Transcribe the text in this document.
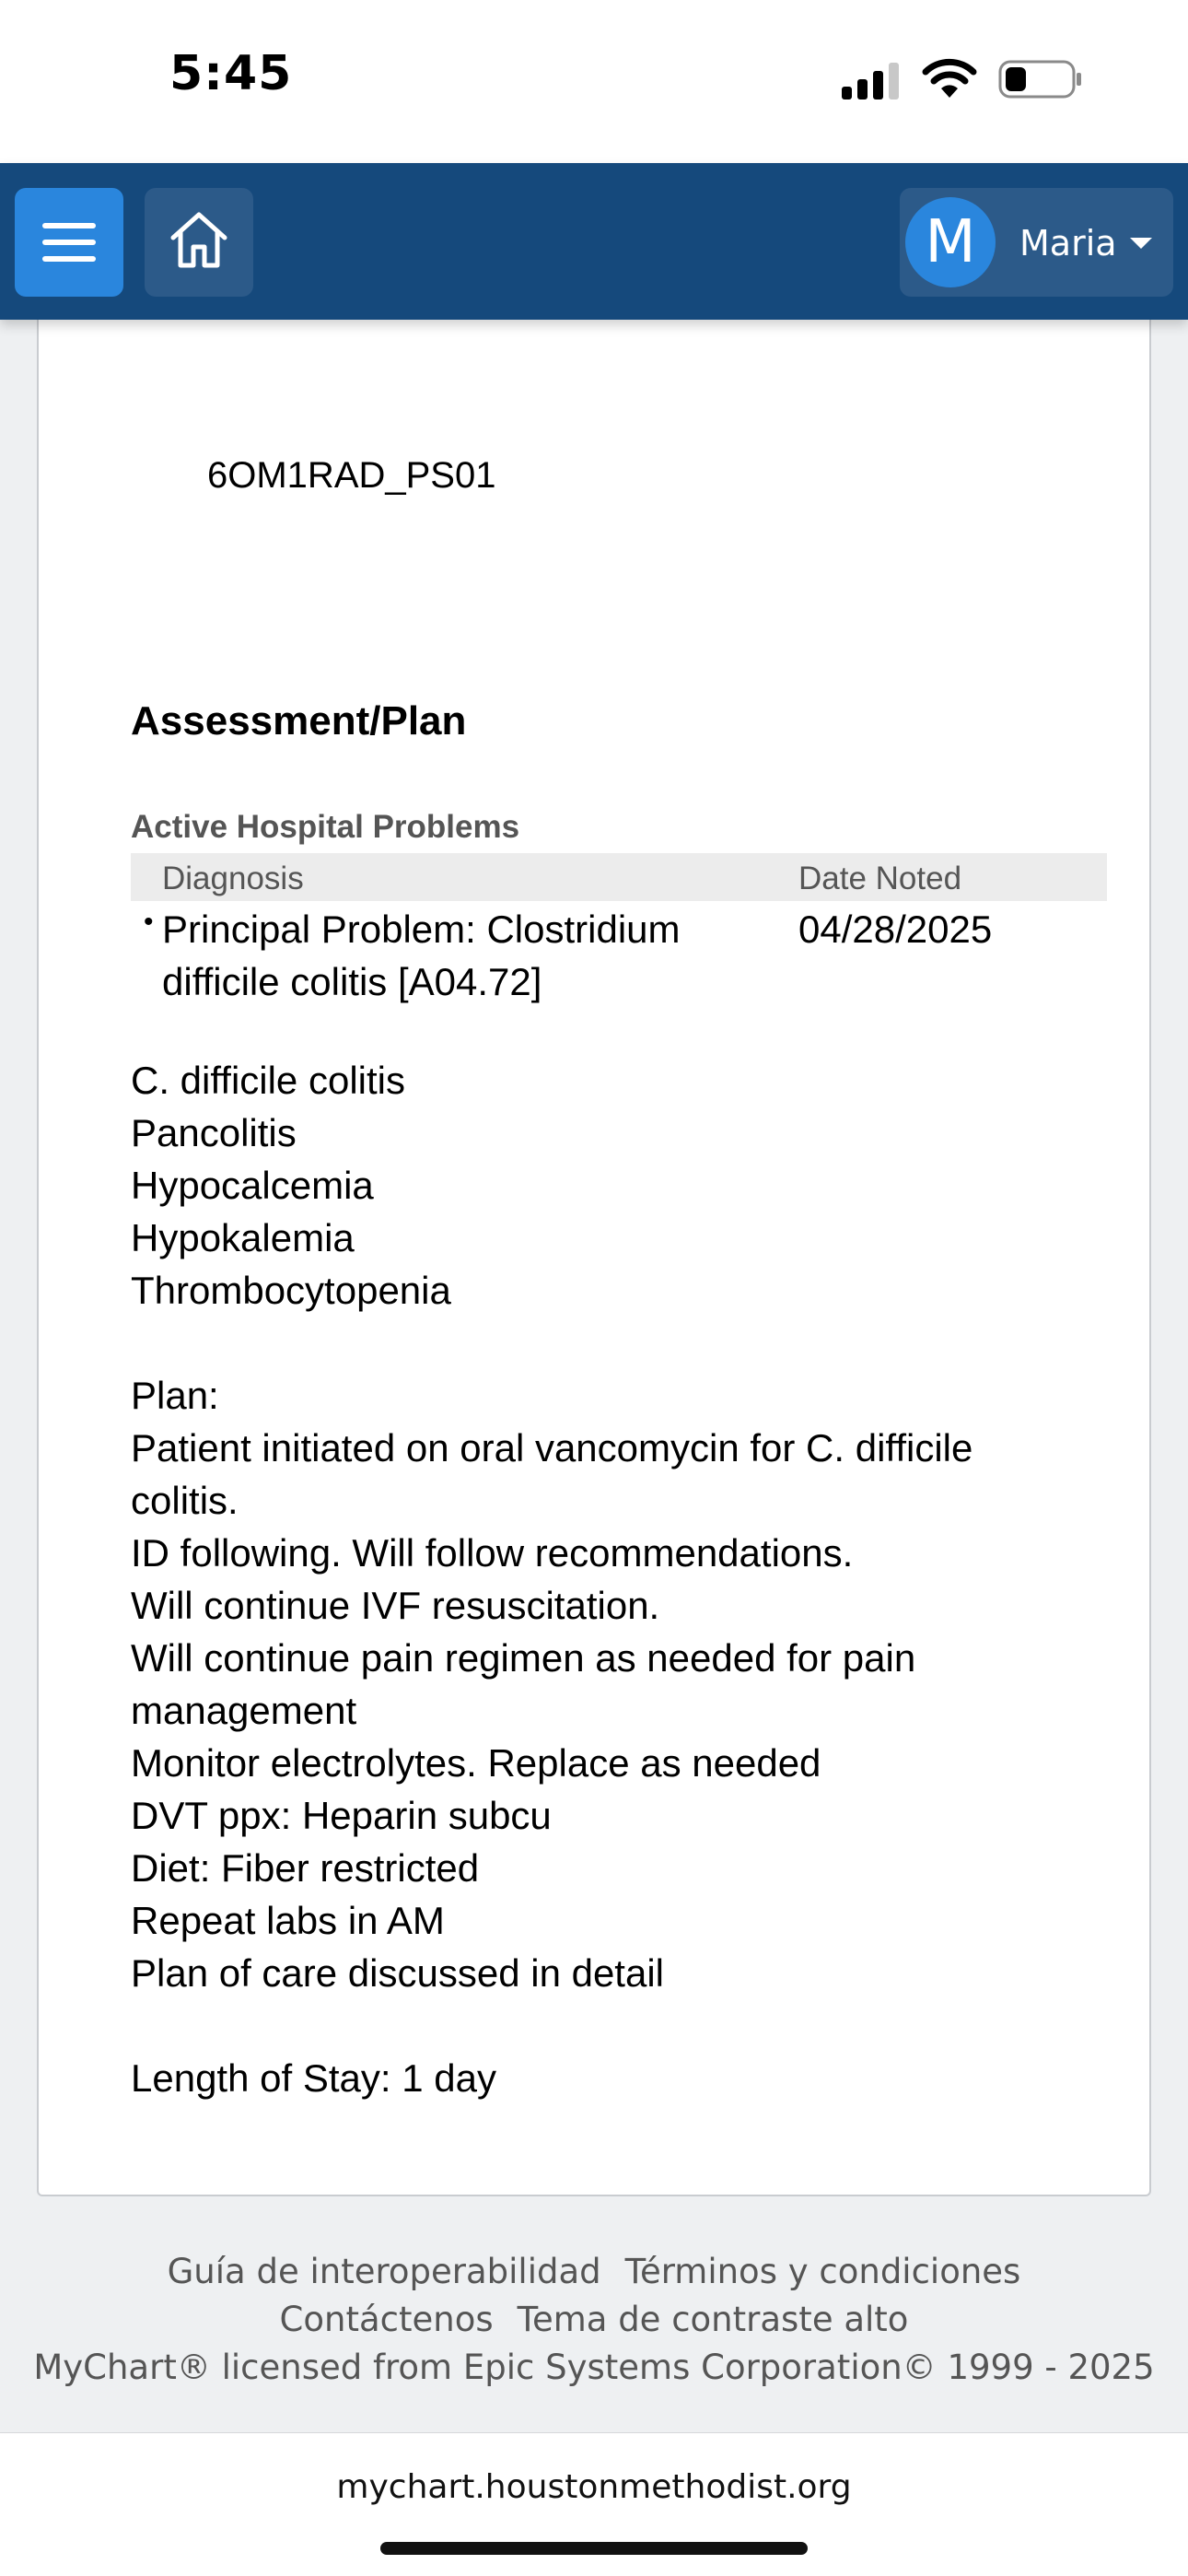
5:45
M	Maria
6OM1RAD_PS01
Assessment/Plan
Active Hospital Problems
Diagnosis	Date Noted
• Principal Problem: Clostridium difficile colitis [A04.72]
04/28/2025
C. difficile colitis
Pancolitis
Hypocalcemia
Hypokalemia
Thrombocytopenia
Plan:
Patient initiated on oral vancomycin for C. difficile colitis.
ID following. Will follow recommendations.
Will continue IVF resuscitation.
Will continue pain regimen as needed for pain management
Monitor electrolytes. Replace as needed
DVT ppx: Heparin subcu
Diet: Fiber restricted
Repeat labs in AM
Plan of care discussed in detail
Length of Stay: 1 day
Guía de interoperabilidad Términos y condiciones
Contáctenos Tema de contraste alto
MyChart® licensed from Epic Systems Corporation© 1999 - 2025
mychart.houstonmethodist.org
